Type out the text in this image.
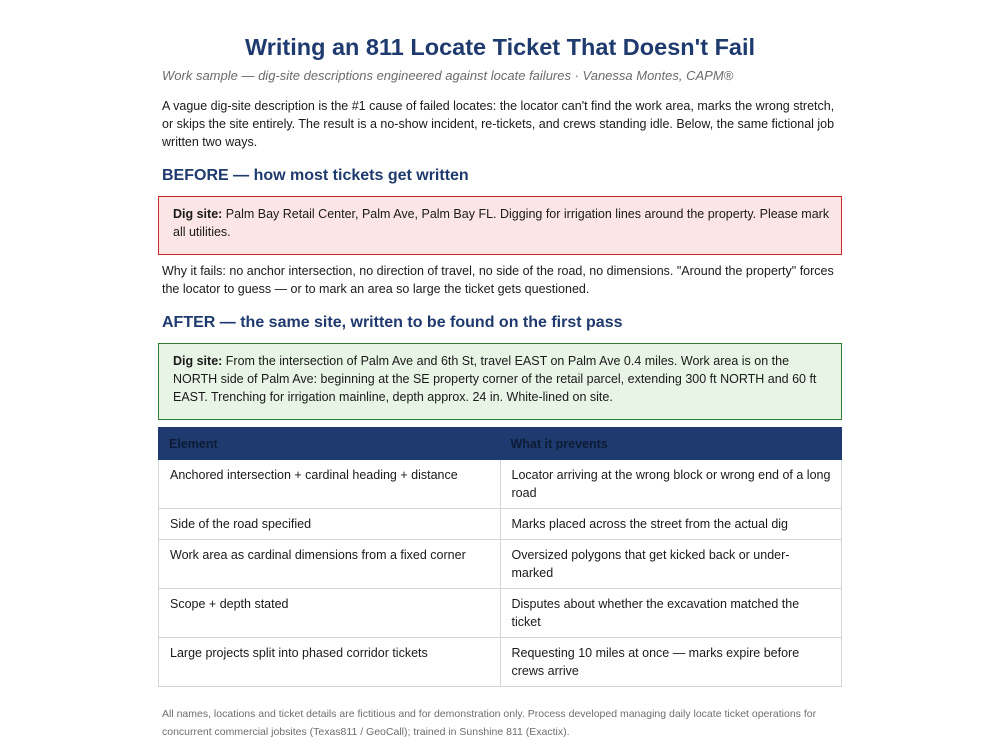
Writing an 811 Locate Ticket That Doesn't Fail

Work sample — dig-site descriptions engineered against locate failures · Vanessa Montes, CAPM®

A vague dig-site description is the #1 cause of failed locates: the locator can't find the work area, marks the wrong stretch, or skips the site entirely. The result is a no-show incident, re-tickets, and crews standing idle. Below, the same fictional job written two ways.

BEFORE — how most tickets get written
Dig site: Palm Bay Retail Center, Palm Ave, Palm Bay FL. Digging for irrigation lines around the property. Please mark all utilities.

Why it fails: no anchor intersection, no direction of travel, no side of the road, no dimensions. "Around the property" forces the locator to guess — or to mark an area so large the ticket gets questioned.

AFTER — the same site, written to be found on the first pass
Dig site: From the intersection of Palm Ave and 6th St, travel EAST on Palm Ave 0.4 miles. Work area is on the NORTH side of Palm Ave: beginning at the SE property corner of the retail parcel, extending 300 ft NORTH and 60 ft EAST. Trenching for irrigation mainline, depth approx. 24 in. White-lined on site.
Element	What it prevents
Anchored intersection + cardinal heading + distance	Locator arriving at the wrong block or wrong end of a long road
Side of the road specified	Marks placed across the street from the actual dig
Work area as cardinal dimensions from a fixed corner	Oversized polygons that get kicked back or under-marked
Scope + depth stated	Disputes about whether the excavation matched the ticket
Large projects split into phased corridor tickets	Requesting 10 miles at once — marks expire before crews arrive

All names, locations and ticket details are fictitious and for demonstration only. Process developed managing daily locate ticket operations for concurrent commercial jobsites (Texas811 / GeoCall); trained in Sunshine 811 (Exactix).
